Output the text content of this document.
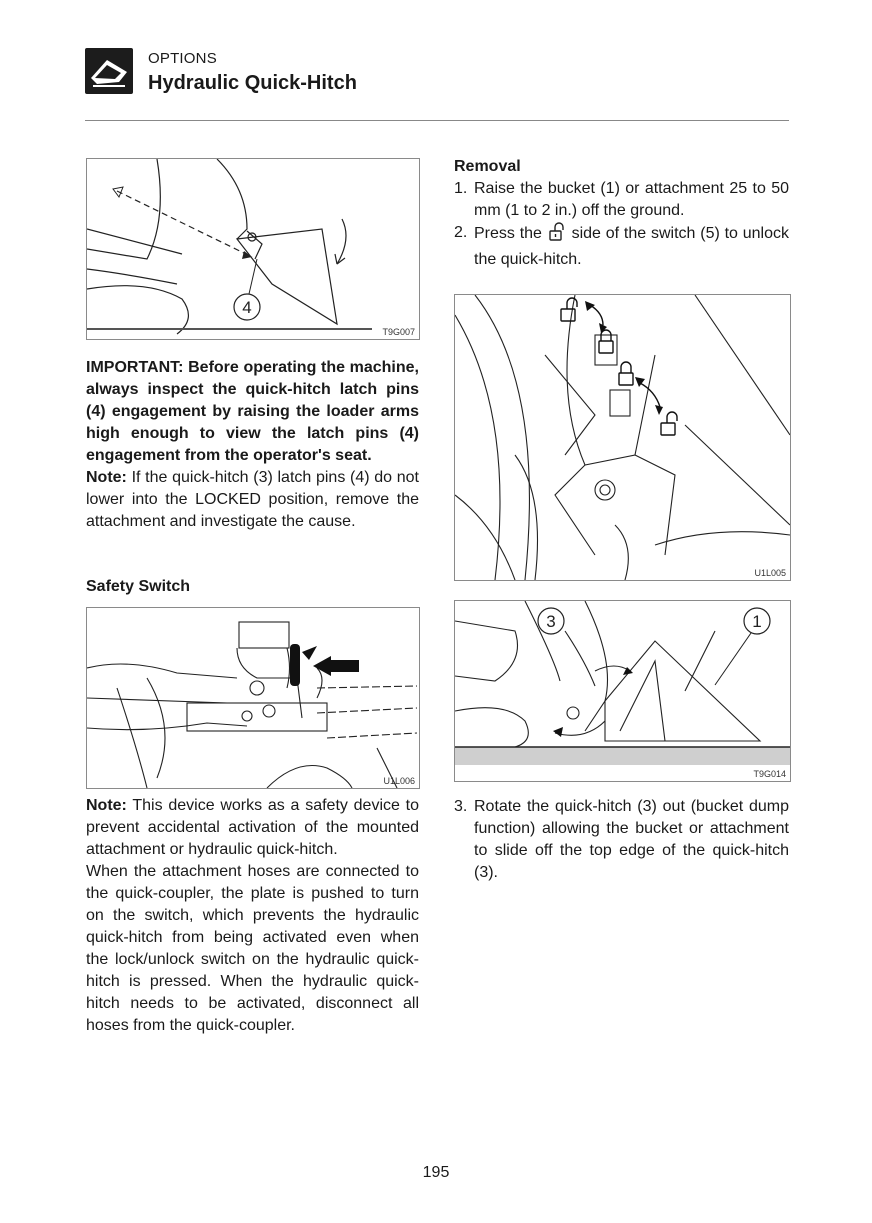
OPTIONS
Hydraulic Quick-Hitch
4
T9G007
IMPORTANT: Before operating the machine, always inspect the quick-hitch latch pins (4) engagement by raising the loader arms high enough to view the latch pins (4) engagement from the operator's seat.
Note: If the quick-hitch (3) latch pins (4) do not lower into the LOCKED position, remove the attachment and investigate the cause.
Safety Switch
U1L006
Note: This device works as a safety device to prevent accidental activation of the mounted attachment or hydraulic quick-hitch.
When the attachment hoses are connected to the quick-coupler, the plate is pushed to turn on the switch, which prevents the hydraulic quick-hitch from being activated even when the lock/unlock switch on the hydraulic quick-hitch is pressed. When the hydraulic quick-hitch needs to be activated, disconnect all hoses from the quick-coupler.
Removal
1. Raise the bucket (1) or attachment 25 to 50 mm (1 to 2 in.) off the ground.
2. Press the  side of the switch (5) to unlock the quick-hitch.
U1L005
3	1
T9G014
3. Rotate the quick-hitch (3) out (bucket dump function) allowing the bucket or attachment to slide off the top edge of the quick-hitch (3).
195
